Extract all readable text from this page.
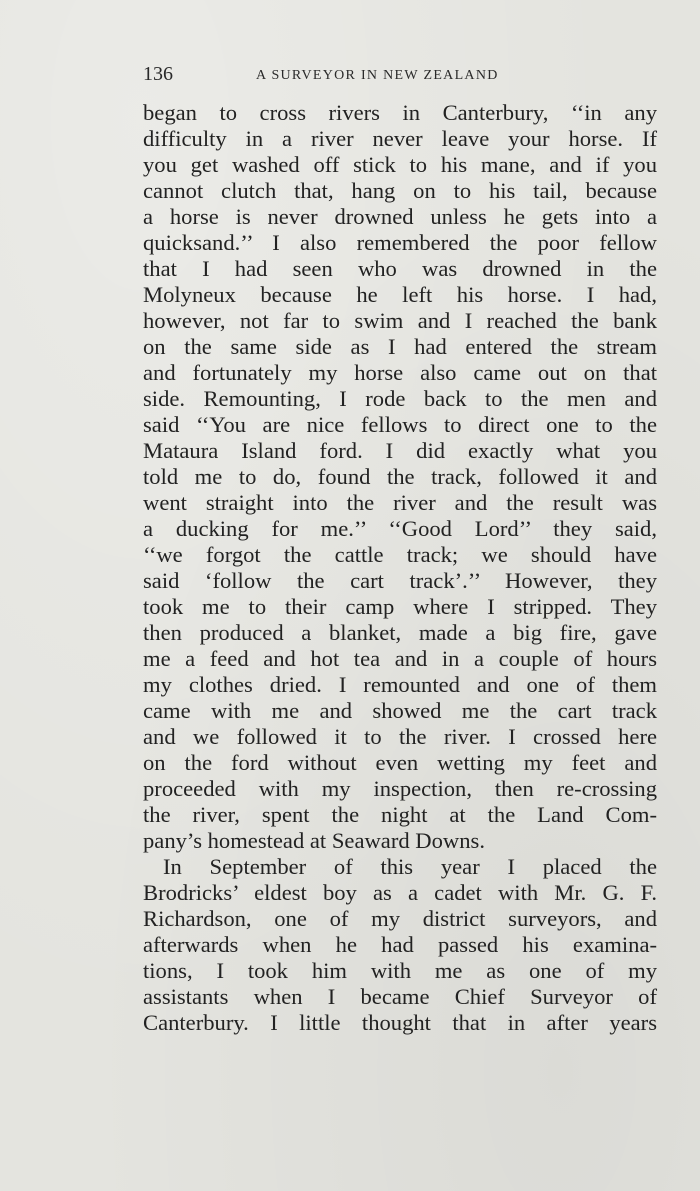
136	A SURVEYOR IN NEW ZEALAND
began to cross rivers in Canterbury, ‘‘in any
difficulty in a river never leave your horse. If
you get washed off stick to his mane, and if you
cannot clutch that, hang on to his tail, because
a horse is never drowned unless he gets into a
quicksand.’’ I also remembered the poor fellow
that I had seen who was drowned in the
Molyneux because he left his horse. I had,
however, not far to swim and I reached the bank
on the same side as I had entered the stream
and fortunately my horse also came out on that
side. Remounting, I rode back to the men and
said ‘‘You are nice fellows to direct one to the
Mataura Island ford. I did exactly what you
told me to do, found the track, followed it and
went straight into the river and the result was
a ducking for me.’’ ‘‘Good Lord’’ they said,
‘‘we forgot the cattle track; we should have
said ‘follow the cart track’.’’ However, they
took me to their camp where I stripped. They
then produced a blanket, made a big fire, gave
me a feed and hot tea and in a couple of hours
my clothes dried. I remounted and one of them
came with me and showed me the cart track
and we followed it to the river. I crossed here
on the ford without even wetting my feet and
proceeded with my inspection, then re-crossing
the river, spent the night at the Land Com-
pany’s homestead at Seaward Downs.
In September of this year I placed the
Brodricks’ eldest boy as a cadet with Mr. G. F.
Richardson, one of my district surveyors, and
afterwards when he had passed his examina-
tions, I took him with me as one of my
assistants when I became Chief Surveyor of
Canterbury. I little thought that in after years
